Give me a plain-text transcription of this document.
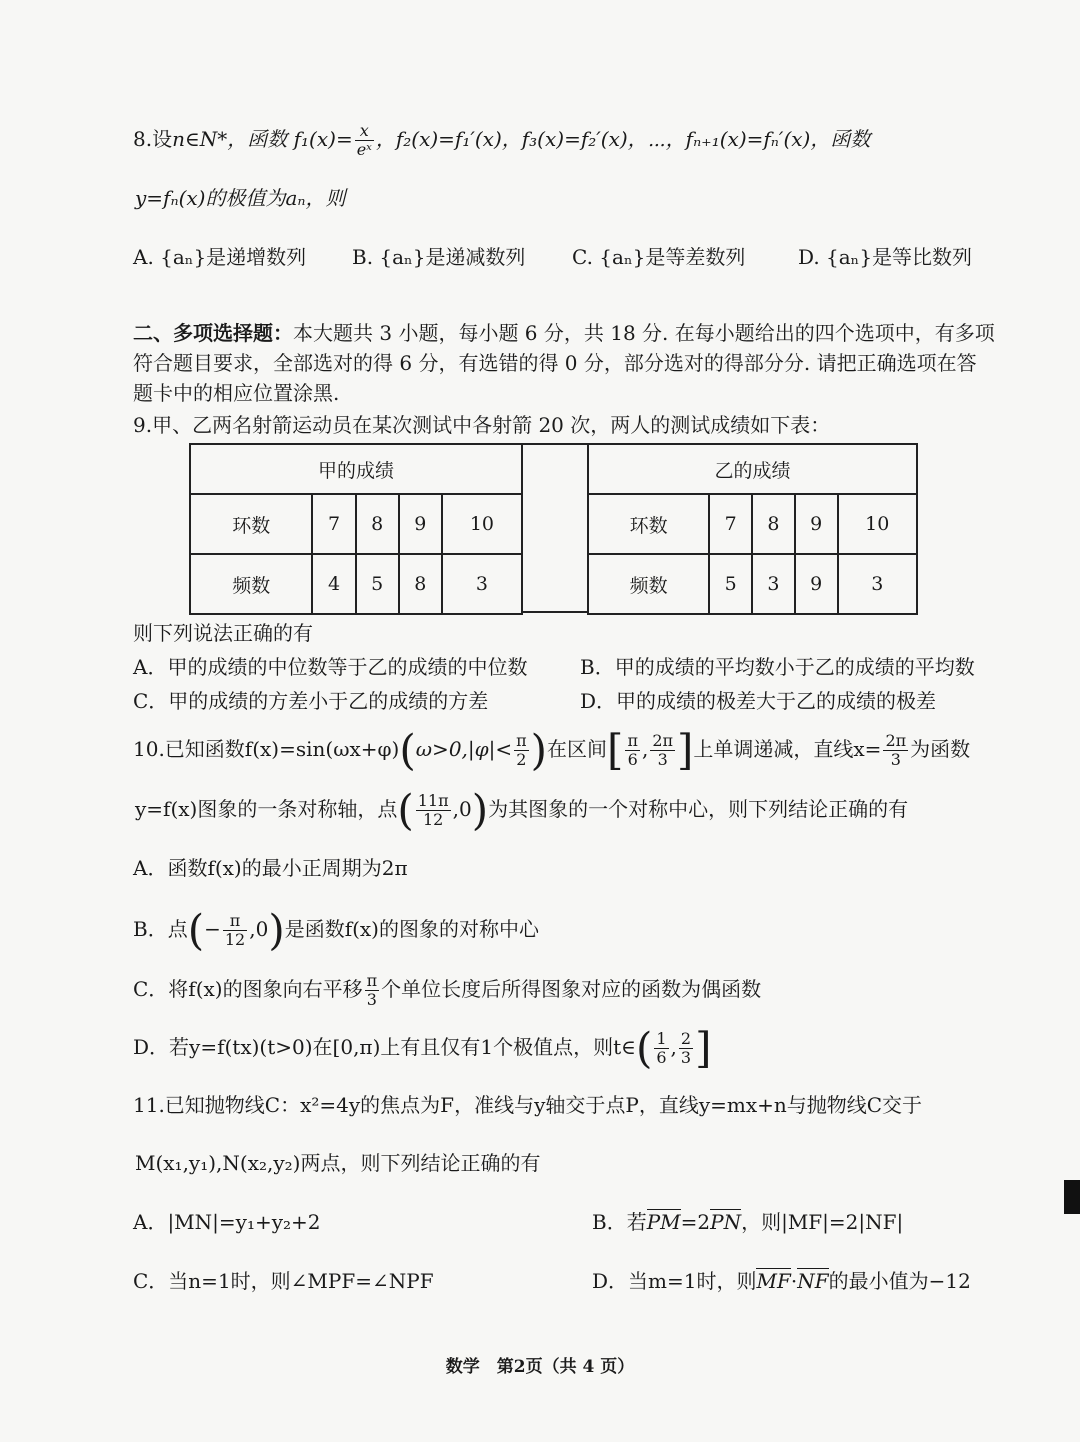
8.设n∈N*，函数 $f_1(x)= \frac{x}{\text{eˣ}}$ ，f₂(x)=f₁′(x)，f₃(x)=f₂′(x)，⋯，fₙ₊₁(x)=fₙ′(x)，函数
y=fₙ(x)的极值为aₙ，则
A. {aₙ}是递增数列 B. {aₙ}是递减数列 C. {aₙ}是等差数列	D. {aₙ}是等比数列
二、多项选择题：本大题共 3 小题，每小题 6 分，共 18 分. 在每小题给出的四个选项中，有多项
符合题目要求，全部选对的得 6 分，有选错的得 0 分，部分选对的得部分分. 请把正确选项在答
题卡中的相应位置涂黑.
9.甲、乙两名射箭运动员在某次测试中各射箭 20 次，两人的测试成绩如下表：
甲的成绩				
环数	7	8	9	10
频数	4	5	8	3
乙的成绩				
环数	7	8	9	10
频数	5	3	9	3
则下列说法正确的有
A．甲的成绩的中位数等于乙的成绩的中位数	B．甲的成绩的平均数小于乙的成绩的平均数
C．甲的成绩的方差小于乙的成绩的方差	D．甲的成绩的极差大于乙的成绩的极差
10.已知函数$f(x)=\sin(\omega x+\varphi)(\omega>0,|\varphi|< \frac{\pi}{2}$ )在区间[ $\frac{\pi}{6}$ , $\frac{2\pi}{3}$ ]上单调递减，直线$x= \frac{2\pi}{3}$ 为函数
y=f(x)图象的一条对称轴，点( $\frac{11\pi}{12} ,0$)为其图象的一个对称中心，则下列结论正确的有
A．函数f(x)的最小正周期为2π
B．点(− $\frac{\pi}{12} ,0$)是函数f(x)的图象的对称中心
C．将f(x)的图象向右平移 $\frac{\pi}{3}$ 个单位长度后所得图象对应的函数为偶函数
D．若y=f(tx)(t>0)在[0,π)上有且仅有1个极值点，则t∈( $\frac{1}{6}$ , $\frac{2}{3}$ ]
11.已知抛物线C：x²=4y的焦点为F，准线与y轴交于点P，直线y=mx+n与抛物线C交于
M(x₁,y₁),N(x₂,y₂)两点，则下列结论正确的有
A．|MN|=y₁+y₂+2	B．若PM=2PN，则|MF|=2|NF|
C．当n=1时，则∠MPF=∠NPF	D．当m=1时，则MF·NF的最小值为−12
数学　第2页（共 4 页）
